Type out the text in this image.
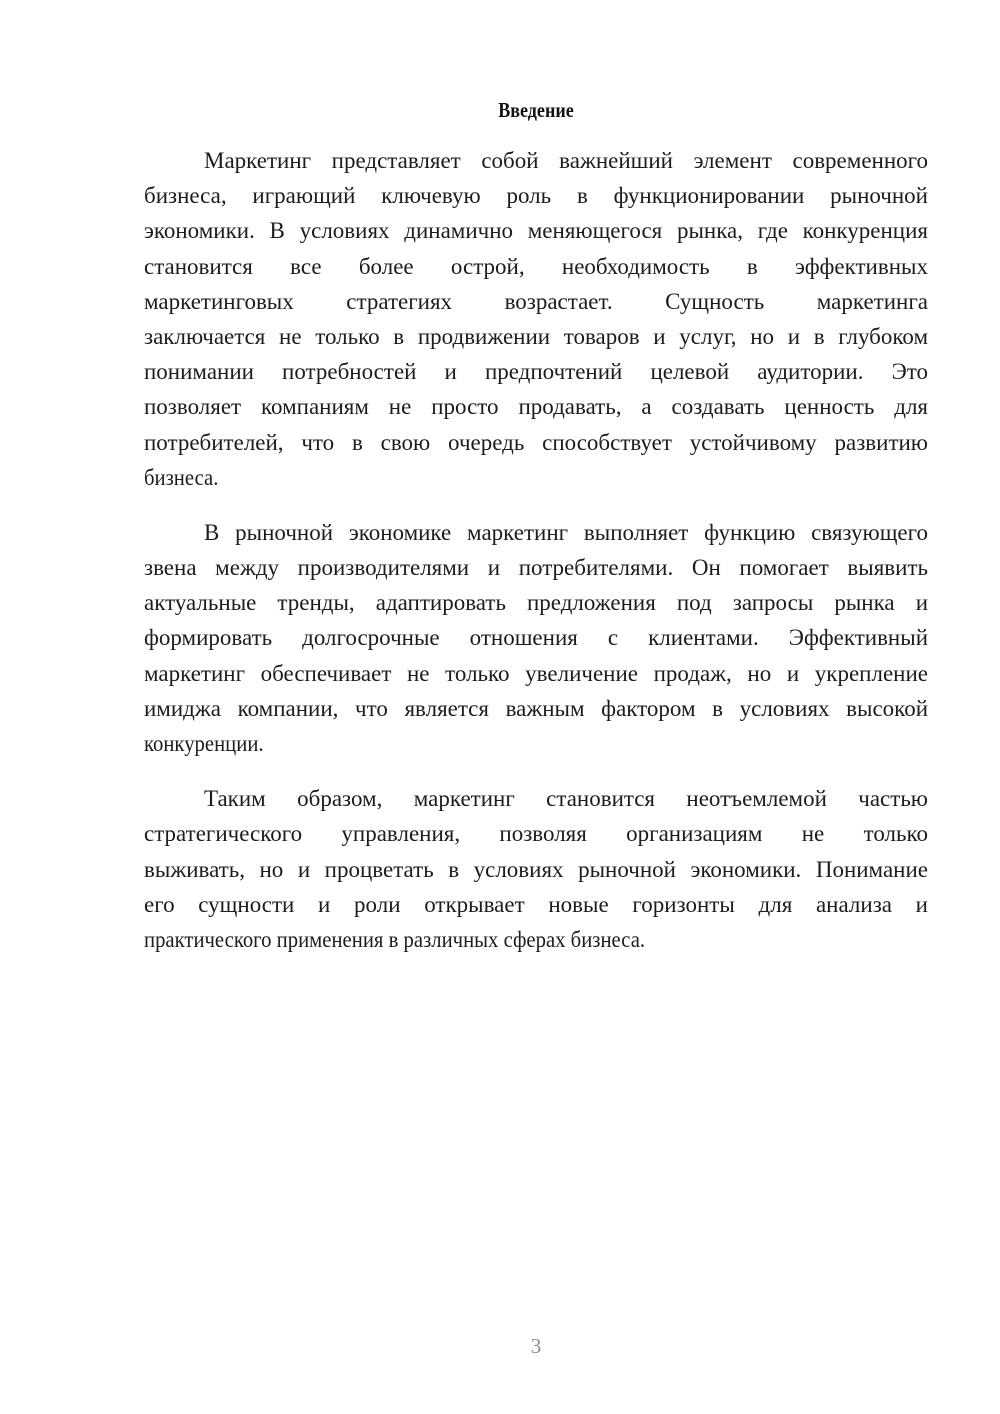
Введение
Маркетинг представляет собой важнейший элемент современного
бизнеса, играющий ключевую роль в функционировании рыночной
экономики. В условиях динамично меняющегося рынка, где конкуренция
становится все более острой, необходимость в эффективных
маркетинговых стратегиях возрастает. Сущность маркетинга
заключается не только в продвижении товаров и услуг, но и в глубоком
понимании потребностей и предпочтений целевой аудитории. Это
позволяет компаниям не просто продавать, а создавать ценность для
потребителей, что в свою очередь способствует устойчивому развитию
бизнеса.
В рыночной экономике маркетинг выполняет функцию связующего
звена между производителями и потребителями. Он помогает выявить
актуальные тренды, адаптировать предложения под запросы рынка и
формировать долгосрочные отношения с клиентами. Эффективный
маркетинг обеспечивает не только увеличение продаж, но и укрепление
имиджа компании, что является важным фактором в условиях высокой
конкуренции.
Таким образом, маркетинг становится неотъемлемой частью
стратегического управления, позволяя организациям не только
выживать, но и процветать в условиях рыночной экономики. Понимание
его сущности и роли открывает новые горизонты для анализа и
практического применения в различных сферах бизнеса.
3
